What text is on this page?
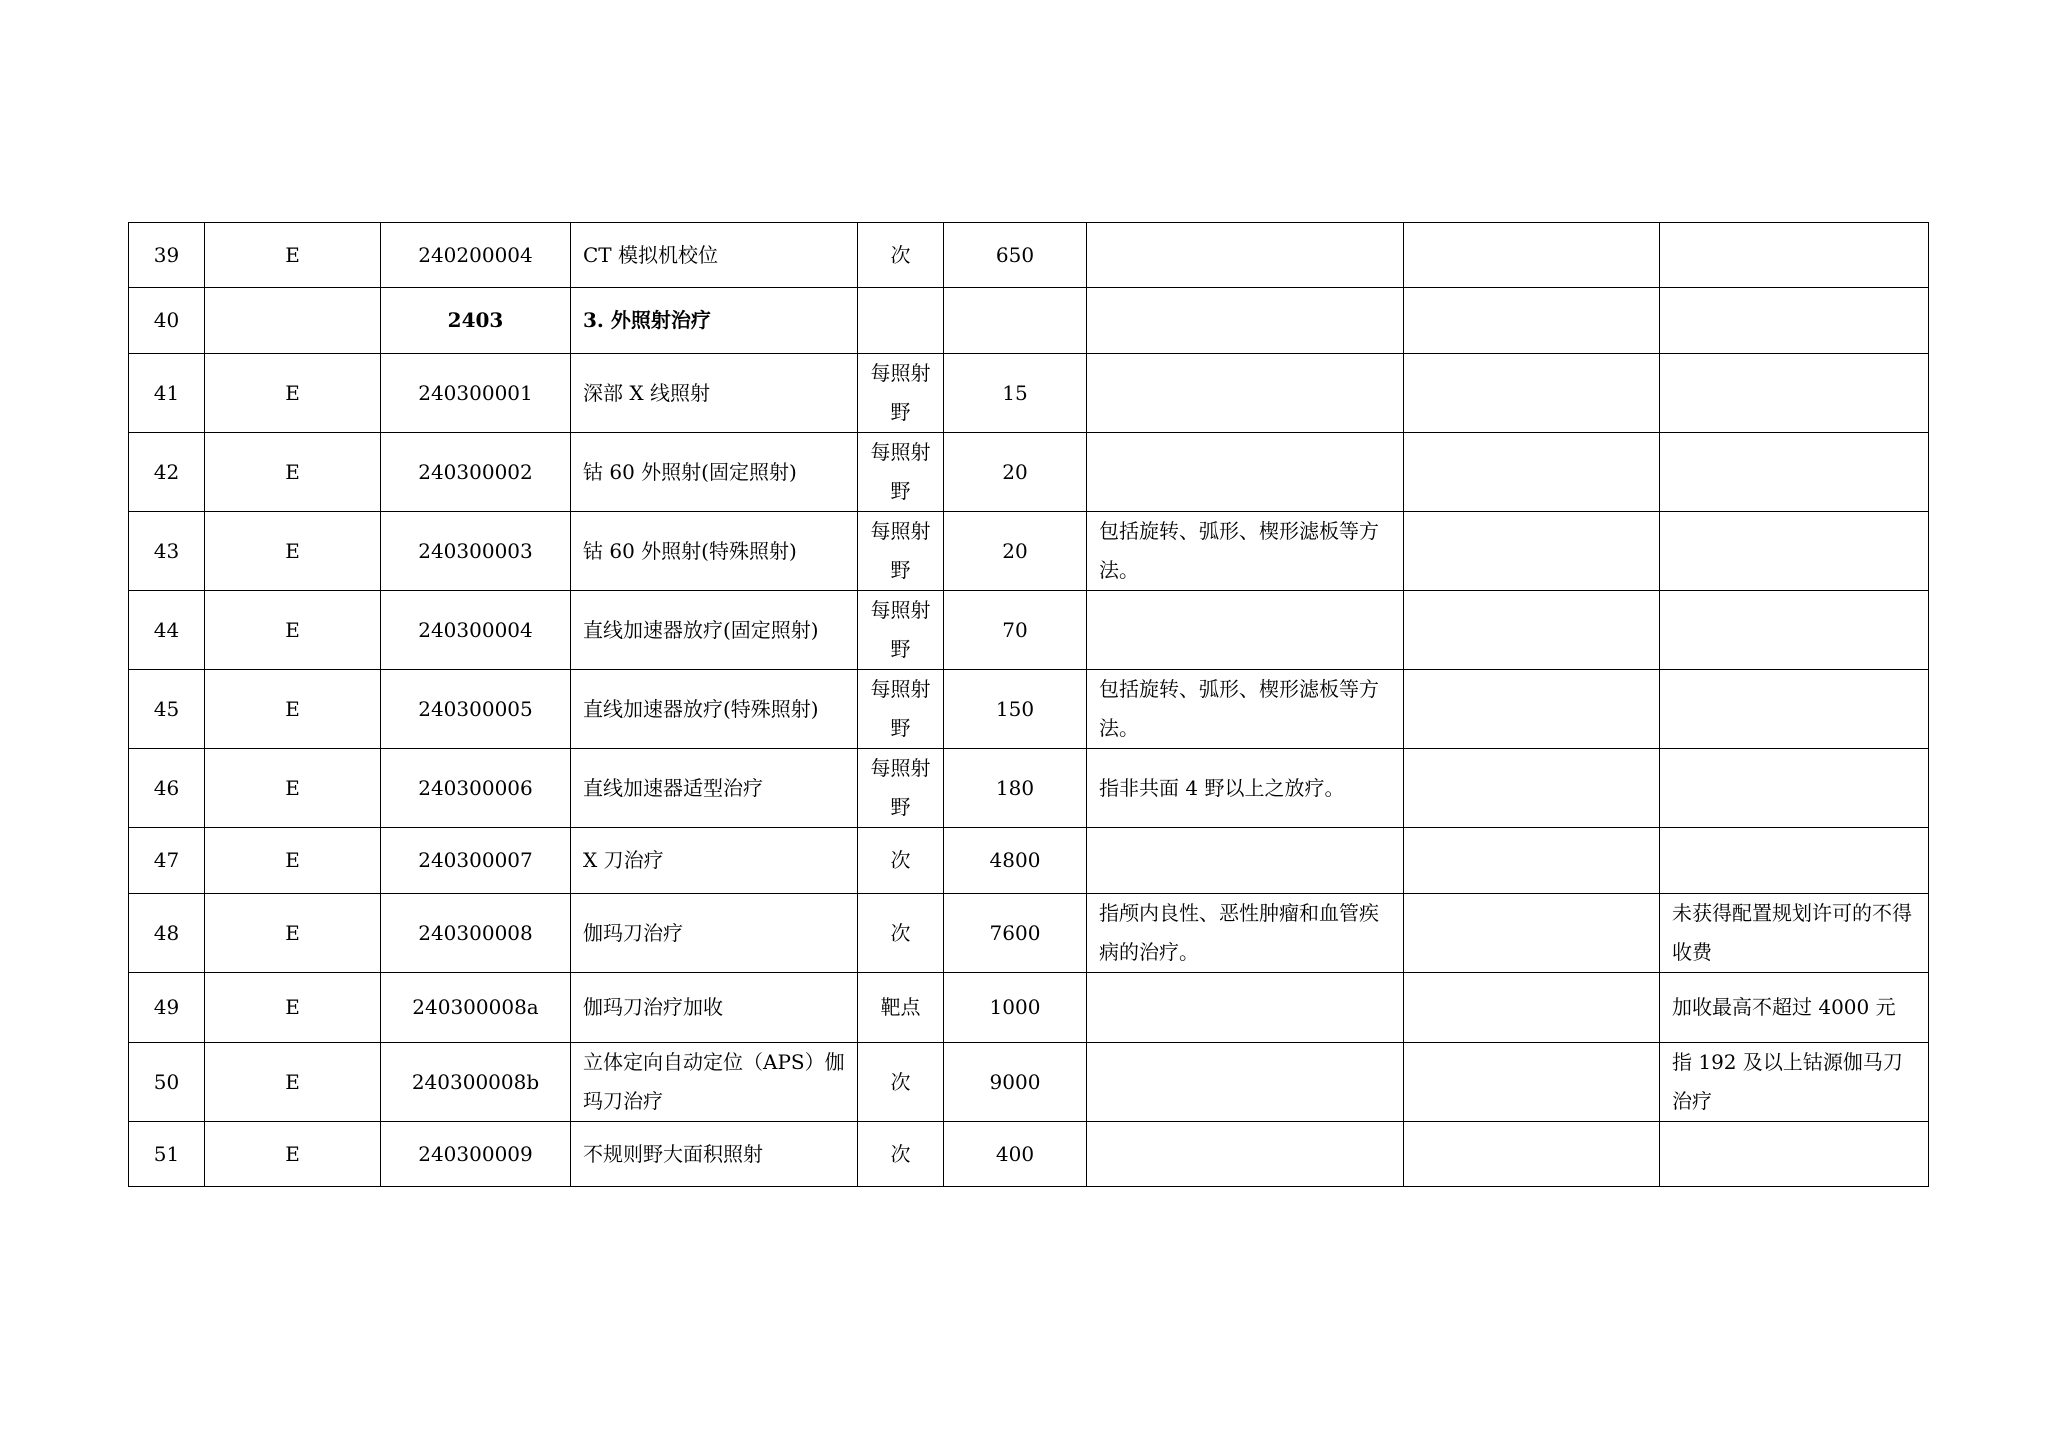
39	E	240200004	CT 模拟机校位	次	650			
40		2403	3. 外照射治疗					
41	E	240300001	深部 X 线照射	每照射野	15			
42	E	240300002	钴 60 外照射(固定照射)	每照射野	20			
43	E	240300003	钴 60 外照射(特殊照射)	每照射野	20	包括旋转、弧形、楔形滤板等方法。		
44	E	240300004	直线加速器放疗(固定照射)	每照射野	70			
45	E	240300005	直线加速器放疗(特殊照射)	每照射野	150	包括旋转、弧形、楔形滤板等方法。		
46	E	240300006	直线加速器适型治疗	每照射野	180	指非共面 4 野以上之放疗。		
47	E	240300007	X 刀治疗	次	4800			
48	E	240300008	伽玛刀治疗	次	7600	指颅内良性、恶性肿瘤和血管疾病的治疗。		未获得配置规划许可的不得收费
49	E	240300008a	伽玛刀治疗加收	靶点	1000			加收最高不超过 4000 元
50	E	240300008b	立体定向自动定位（APS）伽玛刀治疗	次	9000			指 192 及以上钴源伽马刀治疗
51	E	240300009	不规则野大面积照射	次	400			
